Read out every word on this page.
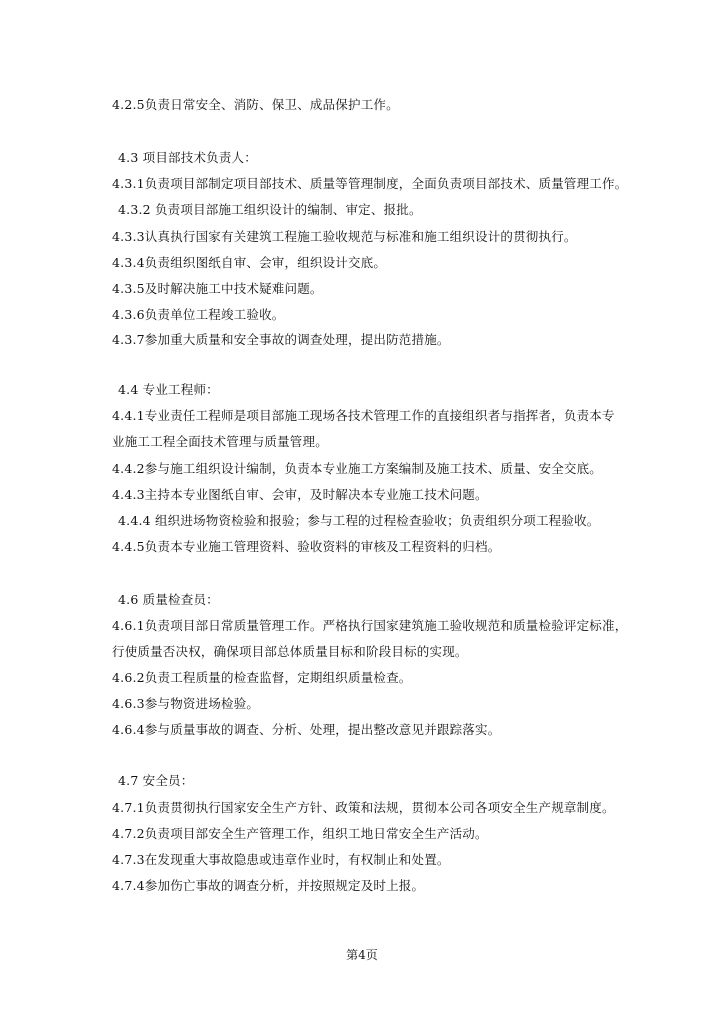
4.2.5负责日常安全、消防、保卫、成品保护工作。
4.3 项目部技术负责人：
4.3.1负责项目部制定项目部技术、质量等管理制度，全面负责项目部技术、质量管理工作。
4.3.2 负责项目部施工组织设计的编制、审定、报批。
4.3.3认真执行国家有关建筑工程施工验收规范与标准和施工组织设计的贯彻执行。
4.3.4负责组织图纸自审、会审，组织设计交底。
4.3.5及时解决施工中技术疑难问题。
4.3.6负责单位工程竣工验收。
4.3.7参加重大质量和安全事故的调查处理，提出防范措施。
4.4 专业工程师：
4.4.1专业责任工程师是项目部施工现场各技术管理工作的直接组织者与指挥者，负责本专
业施工工程全面技术管理与质量管理。
4.4.2参与施工组织设计编制，负责本专业施工方案编制及施工技术、质量、安全交底。
4.4.3主持本专业图纸自审、会审，及时解决本专业施工技术问题。
4.4.4 组织进场物资检验和报验；参与工程的过程检查验收；负责组织分项工程验收。
4.4.5负责本专业施工管理资料、验收资料的审核及工程资料的归档。
4.6 质量检查员：
4.6.1负责项目部日常质量管理工作。严格执行国家建筑施工验收规范和质量检验评定标准，
行使质量否决权，确保项目部总体质量目标和阶段目标的实现。
4.6.2负责工程质量的检查监督，定期组织质量检查。
4.6.3参与物资进场检验。
4.6.4参与质量事故的调查、分析、处理，提出整改意见并跟踪落实。
4.7 安全员：
4.7.1负责贯彻执行国家安全生产方针、政策和法规，贯彻本公司各项安全生产规章制度。
4.7.2负责项目部安全生产管理工作，组织工地日常安全生产活动。
4.7.3在发现重大事故隐患或违章作业时，有权制止和处置。
4.7.4参加伤亡事故的调查分析，并按照规定及时上报。
第4页
